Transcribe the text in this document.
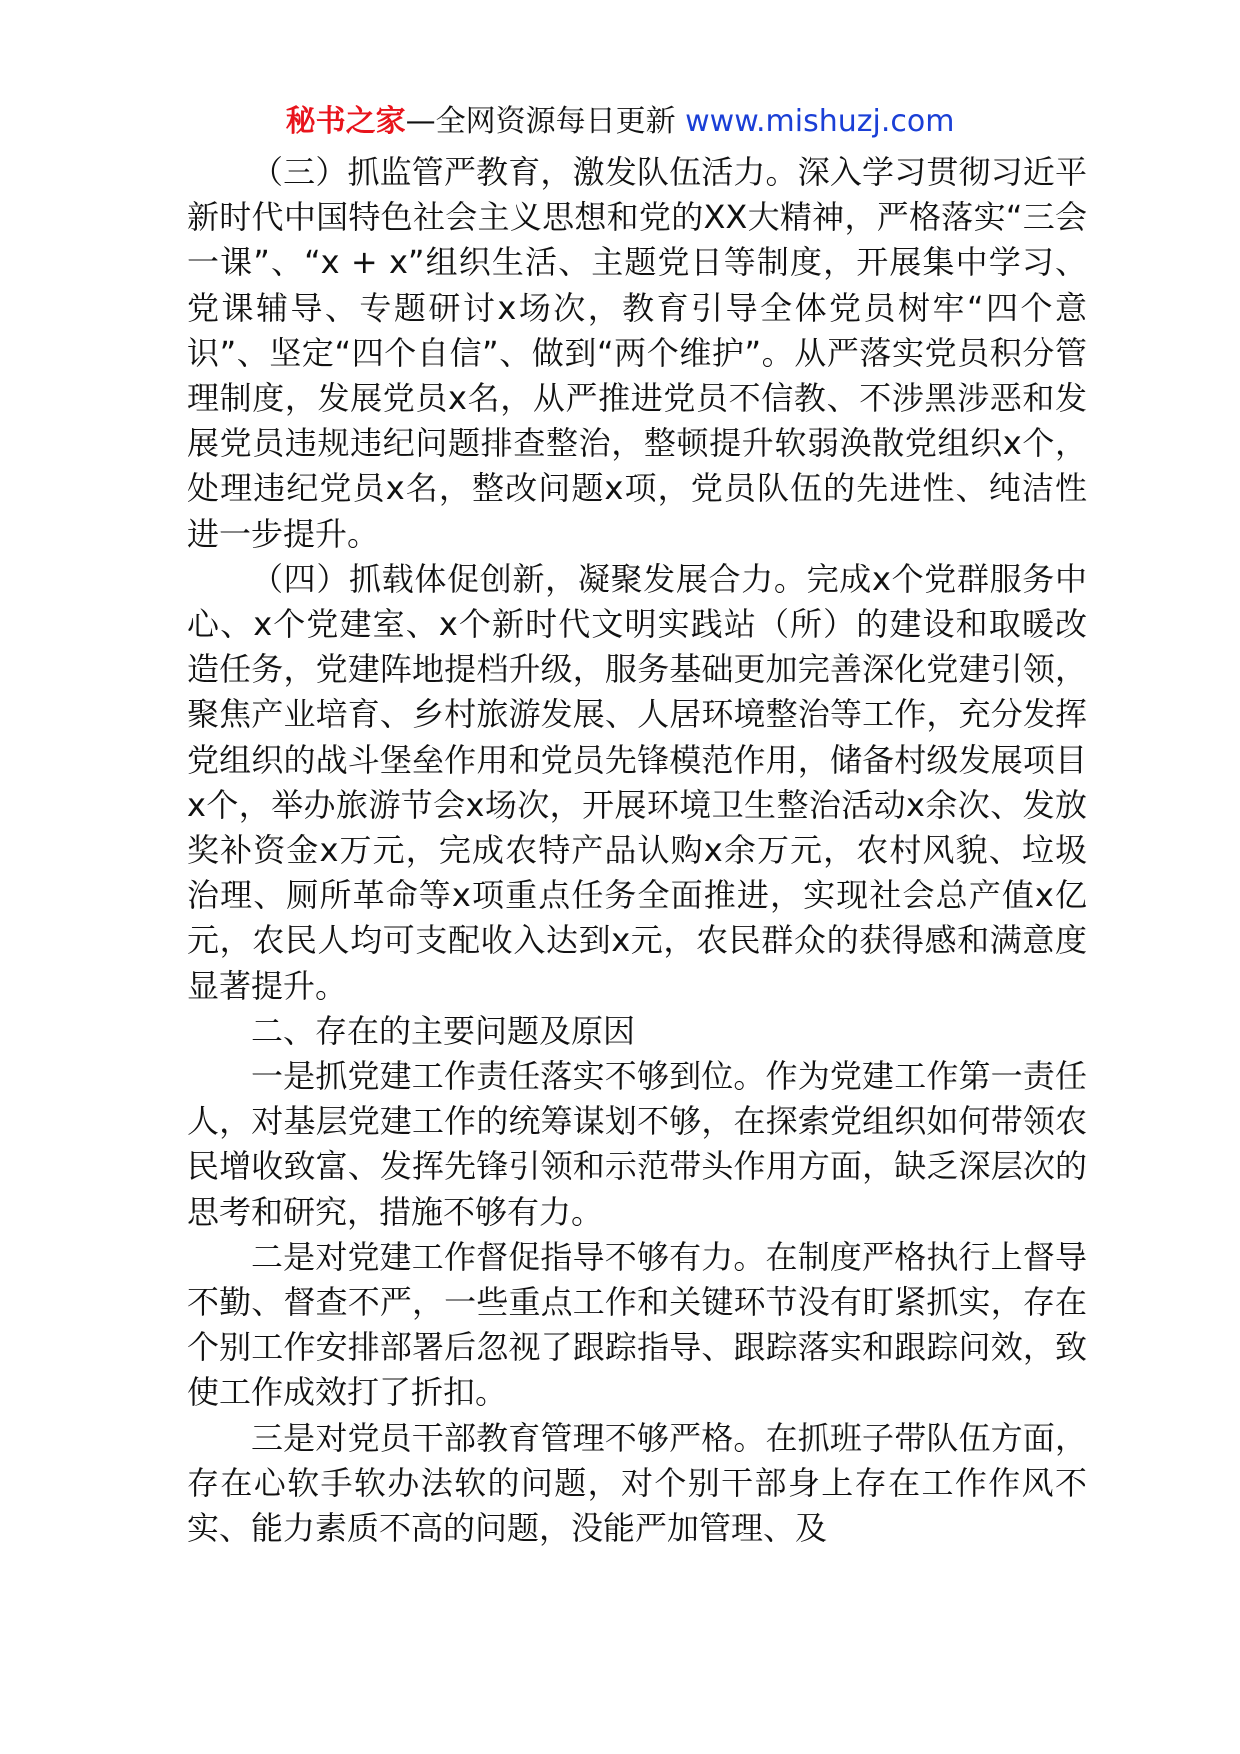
秘书之家—全网资源每日更新 www.mishuzj.com

（三）抓监管严教育，激发队伍活力。深入学习贯彻习近平新时代中国特色社会主义思想和党的XX大精神，严格落实“三会一课”、“x + x”组织生活、主题党日等制度，开展集中学习、党课辅导、专题研讨x场次，教育引导全体党员树牢“四个意识”、坚定“四个自信”、做到“两个维护”。从严落实党员积分管理制度，发展党员x名，从严推进党员不信教、不涉黑涉恶和发展党员违规违纪问题排查整治，整顿提升软弱涣散党组织x个，处理违纪党员x名，整改问题x项，党员队伍的先进性、纯洁性进一步提升。

（四）抓载体促创新，凝聚发展合力。完成x个党群服务中心、x个党建室、x个新时代文明实践站（所）的建设和取暖改造任务，党建阵地提档升级，服务基础更加完善深化党建引领，聚焦产业培育、乡村旅游发展、人居环境整治等工作，充分发挥党组织的战斗堡垒作用和党员先锋模范作用，储备村级发展项目x个，举办旅游节会x场次，开展环境卫生整治活动x余次、发放奖补资金x万元，完成农特产品认购x余万元，农村风貌、垃圾治理、厕所革命等x项重点任务全面推进，实现社会总产值x亿元，农民人均可支配收入达到x元，农民群众的获得感和满意度显著提升。

二、存在的主要问题及原因

一是抓党建工作责任落实不够到位。作为党建工作第一责任人，对基层党建工作的统筹谋划不够，在探索党组织如何带领农民增收致富、发挥先锋引领和示范带头作用方面，缺乏深层次的思考和研究，措施不够有力。

二是对党建工作督促指导不够有力。在制度严格执行上督导不勤、督查不严，一些重点工作和关键环节没有盯紧抓实，存在个别工作安排部署后忽视了跟踪指导、跟踪落实和跟踪问效，致使工作成效打了折扣。

三是对党员干部教育管理不够严格。在抓班子带队伍方面，存在心软手软办法软的问题，对个别干部身上存在工作作风不实、能力素质不高的问题，没能严加管理、及
